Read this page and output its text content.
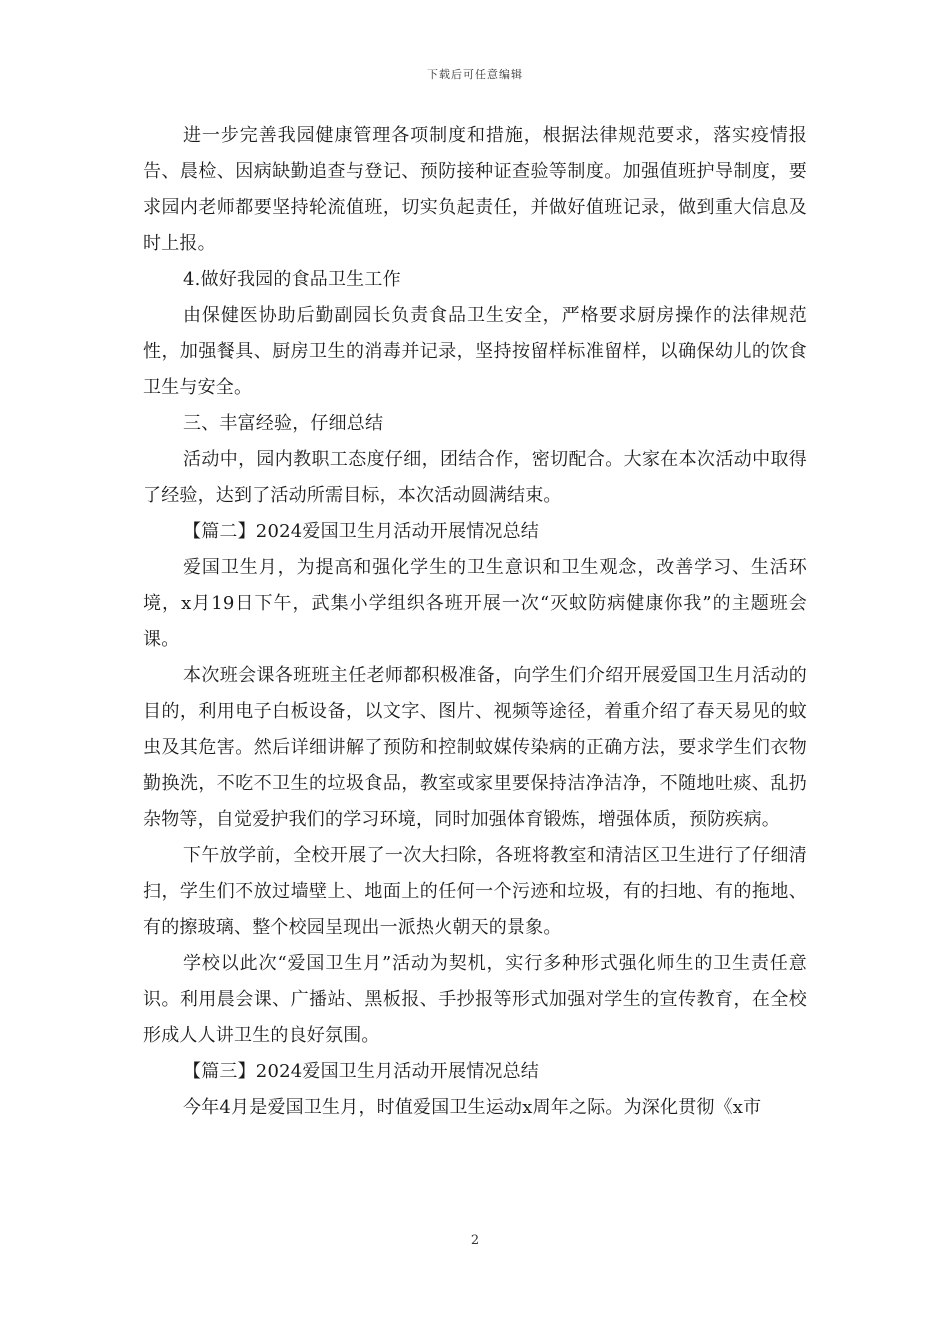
下载后可任意编辑

进一步完善我园健康管理各项制度和措施，根据法律规范要求，落实疫情报告、晨检、因病缺勤追查与登记、预防接种证查验等制度。加强值班护导制度，要求园内老师都要坚持轮流值班，切实负起责任，并做好值班记录，做到重大信息及时上报。

4.做好我园的食品卫生工作

由保健医协助后勤副园长负责食品卫生安全，严格要求厨房操作的法律规范性，加强餐具、厨房卫生的消毒并记录，坚持按留样标准留样，以确保幼儿的饮食卫生与安全。

三、丰富经验，仔细总结

活动中，园内教职工态度仔细，团结合作，密切配合。大家在本次活动中取得了经验，达到了活动所需目标，本次活动圆满结束。

【篇二】2024爱国卫生月活动开展情况总结

爱国卫生月，为提高和强化学生的卫生意识和卫生观念，改善学习、生活环境，x月19日下午，武集小学组织各班开展一次“灭蚊防病健康你我”的主题班会课。

本次班会课各班班主任老师都积极准备，向学生们介绍开展爱国卫生月活动的目的，利用电子白板设备，以文字、图片、视频等途径，着重介绍了春天易见的蚊虫及其危害。然后详细讲解了预防和控制蚊媒传染病的正确方法，要求学生们衣物勤换洗，不吃不卫生的垃圾食品，教室或家里要保持洁净洁净，不随地吐痰、乱扔杂物等，自觉爱护我们的学习环境，同时加强体育锻炼，增强体质，预防疾病。

下午放学前，全校开展了一次大扫除，各班将教室和清洁区卫生进行了仔细清扫，学生们不放过墙壁上、地面上的任何一个污迹和垃圾，有的扫地、有的拖地、有的擦玻璃、整个校园呈现出一派热火朝天的景象。

学校以此次“爱国卫生月”活动为契机，实行多种形式强化师生的卫生责任意识。利用晨会课、广播站、黑板报、手抄报等形式加强对学生的宣传教育，在全校形成人人讲卫生的良好氛围。

【篇三】2024爱国卫生月活动开展情况总结

今年4月是爱国卫生月，时值爱国卫生运动x周年之际。为深化贯彻《x市

2
